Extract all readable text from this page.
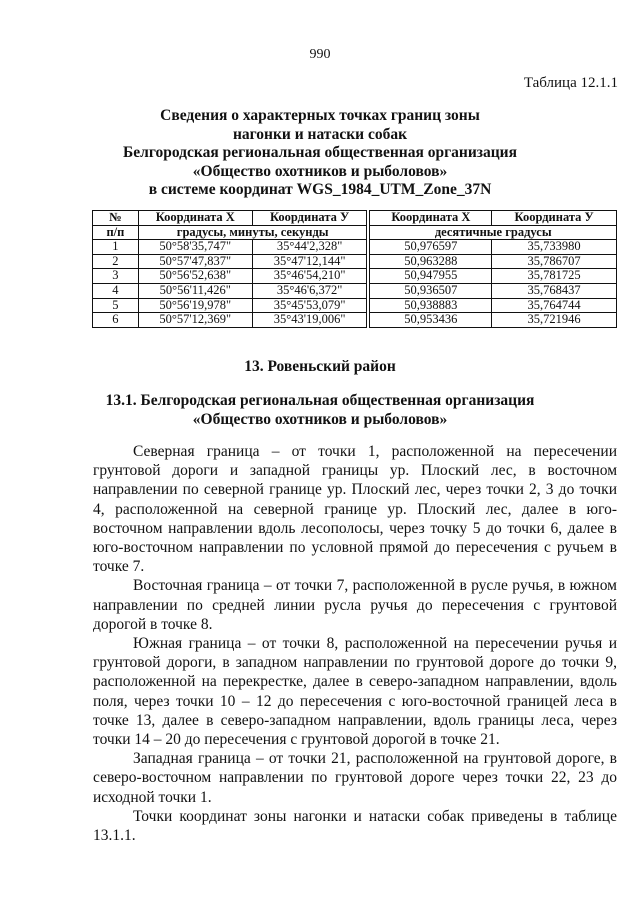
990
Таблица 12.1.1
Сведения о характерных точках границ зоны
нагонки и натаски собак
Белгородская региональная общественная организация
«Общество охотников и рыболовов»
в системе координат WGS_1984_UTM_Zone_37N
№	Координата X	Координата У		Координата X	Координата У
п/п	градусы, минуты, секунды			десятичные градусы	
1	50°58'35,747"	35°44'2,328"		50,976597	35,733980
2	50°57'47,837"	35°47'12,144"		50,963288	35,786707
3	50°56'52,638"	35°46'54,210"		50,947955	35,781725
4	50°56'11,426"	35°46'6,372"		50,936507	35,768437
5	50°56'19,978"	35°45'53,079"		50,938883	35,764744
6	50°57'12,369"	35°43'19,006"		50,953436	35,721946
13. Ровеньский район
13.1. Белгородская региональная общественная организация
«Общество охотников и рыболовов»

Северная граница – от точки 1, расположенной на пересечении грунтовой дороги и западной границы ур. Плоский лес, в восточном направлении по северной границе ур. Плоский лес, через точки 2, 3 до точки 4, расположенной на северной границе ур. Плоский лес, далее в юго-восточном направлении вдоль лесополосы, через точку 5 до точки 6, далее в юго-восточном направлении по условной прямой до пересечения с ручьем в точке 7.

Восточная граница – от точки 7, расположенной в русле ручья, в южном направлении по средней линии русла ручья до пересечения с грунтовой дорогой в точке 8.

Южная граница – от точки 8, расположенной на пересечении ручья и грунтовой дороги, в западном направлении по грунтовой дороге до точки 9, расположенной на перекрестке, далее в северо-западном направлении, вдоль поля, через точки 10 – 12 до пересечения с юго-восточной границей леса в точке 13, далее в северо-западном направлении, вдоль границы леса, через точки 14 – 20 до пересечения с грунтовой дорогой в точке 21.

Западная граница – от точки 21, расположенной на грунтовой дороге, в северо-восточном направлении по грунтовой дороге через точки 22, 23 до исходной точки 1.

Точки координат зоны нагонки и натаски собак приведены в таблице 13.1.1.
